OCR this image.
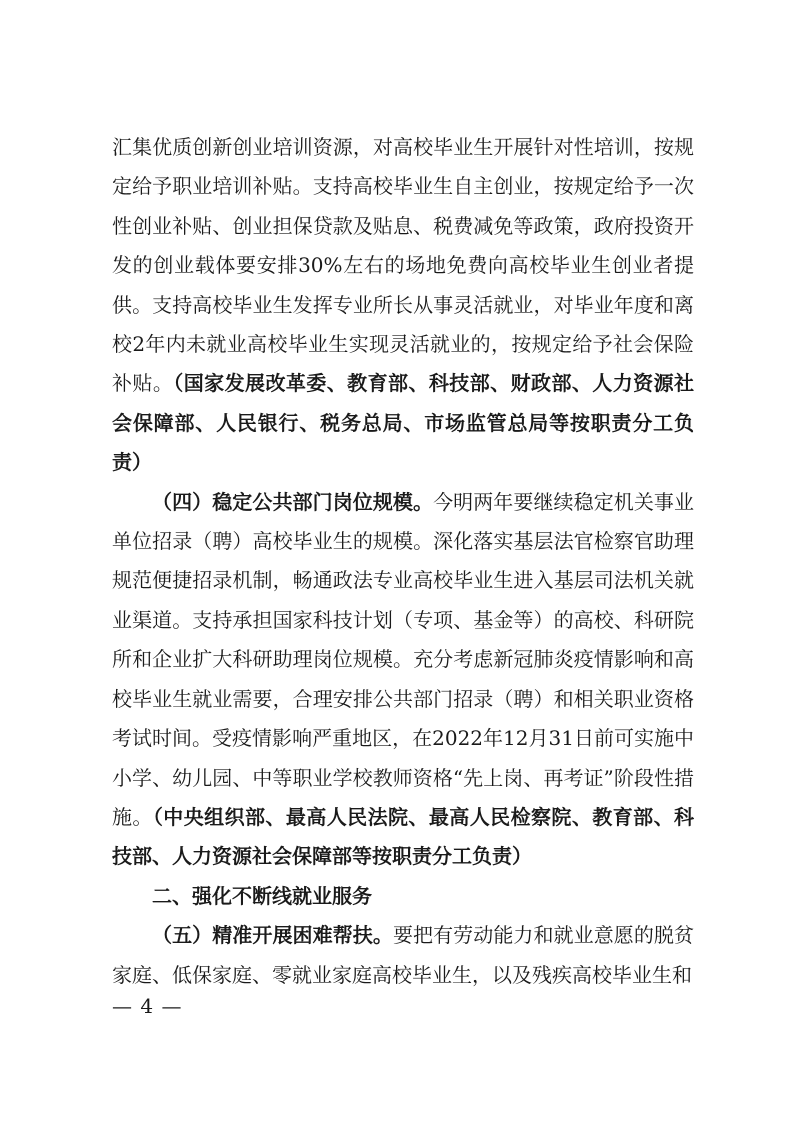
汇集优质创新创业培训资源，对高校毕业生开展针对性培训，按规定给予职业培训补贴。支持高校毕业生自主创业，按规定给予一次性创业补贴、创业担保贷款及贴息、税费减免等政策，政府投资开发的创业载体要安排30%左右的场地免费向高校毕业生创业者提供。支持高校毕业生发挥专业所长从事灵活就业，对毕业年度和离校2年内未就业高校毕业生实现灵活就业的，按规定给予社会保险补贴。（国家发展改革委、教育部、科技部、财政部、人力资源社会保障部、人民银行、税务总局、市场监管总局等按职责分工负责）

（四）稳定公共部门岗位规模。今明两年要继续稳定机关事业单位招录（聘）高校毕业生的规模。深化落实基层法官检察官助理规范便捷招录机制，畅通政法专业高校毕业生进入基层司法机关就业渠道。支持承担国家科技计划（专项、基金等）的高校、科研院所和企业扩大科研助理岗位规模。充分考虑新冠肺炎疫情影响和高校毕业生就业需要，合理安排公共部门招录（聘）和相关职业资格考试时间。受疫情影响严重地区，在2022年12月31日前可实施中小学、幼儿园、中等职业学校教师资格“先上岗、再考证”阶段性措施。（中央组织部、最高人民法院、最高人民检察院、教育部、科技部、人力资源社会保障部等按职责分工负责）

二、强化不断线就业服务

（五）精准开展困难帮扶。要把有劳动能力和就业意愿的脱贫家庭、低保家庭、零就业家庭高校毕业生，以及残疾高校毕业生和

— 4 —
